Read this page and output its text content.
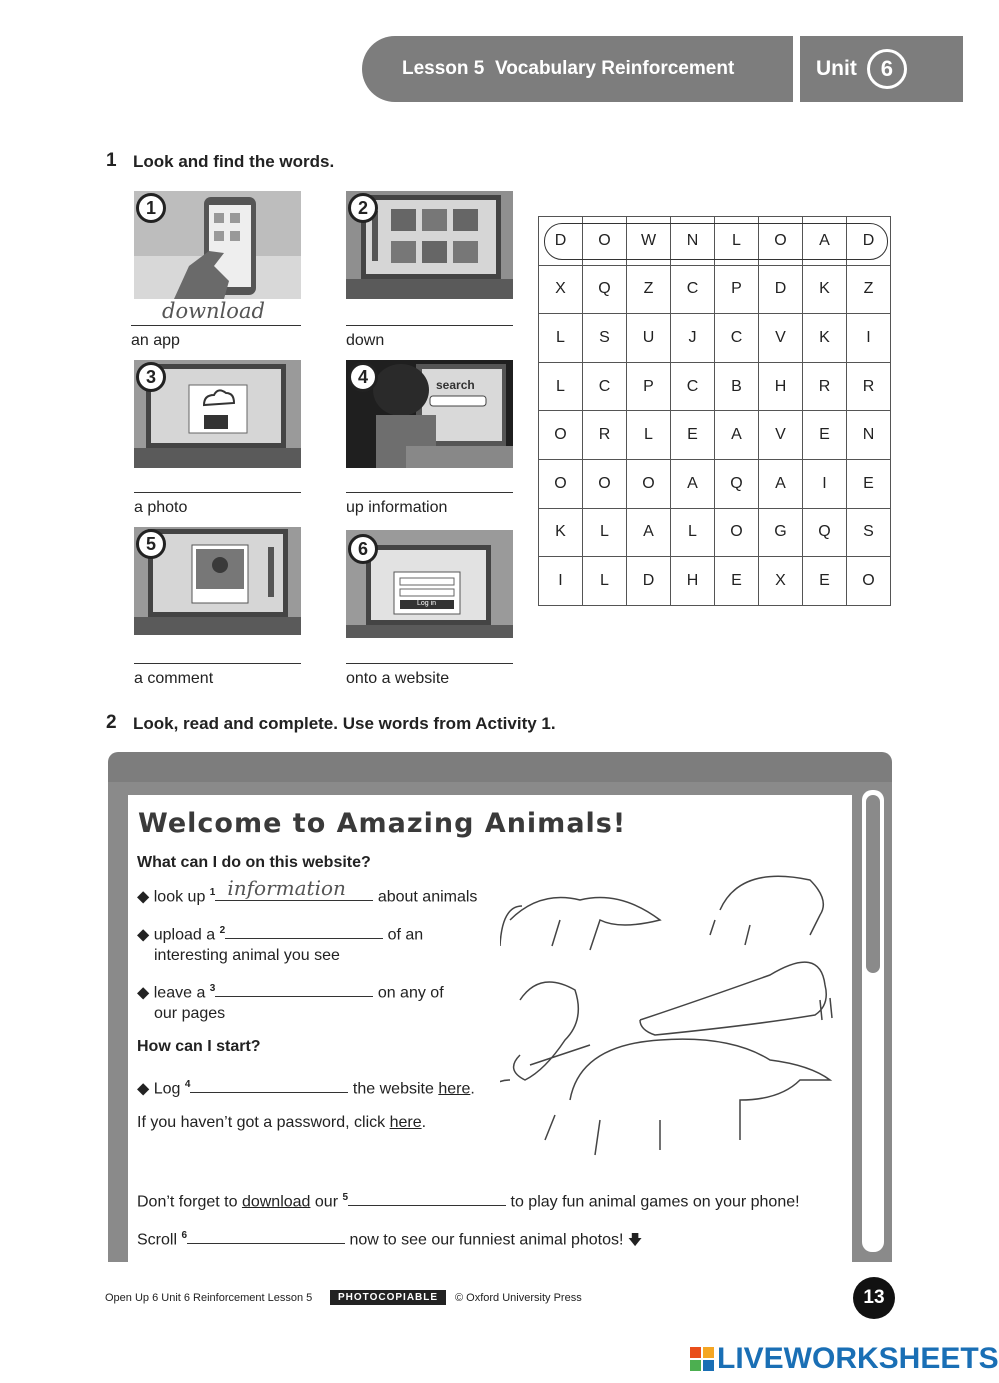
Lesson 5
Vocabulary Reinforcement	Unit	6
1 Look and find the words.
1
download
an app
2
down
3
a photo
search
4
up information
5
a comment
Log in
6
onto a website
D	O	W	N	L	O	A	D
X	Q	Z	C	P	D	K	Z
L	S	U	J	C	V	K	I
L	C	P	C	B	H	R	R
O	R	L	E	A	V	E	N
O	O	O	A	Q	A	I	E
K	L	A	L	O	G	Q	S
I	L	D	H	E	X	E	O
2 Look, read and complete. Use words from Activity 1.
Welcome to Amazing Animals!
What can I do on this website?
◆ look up $^1$ information about animals
◆ upload a $^2$	of an
interesting animal you see
◆ leave a $^3$	on any of
our pages
How can I start?
◆ Log $^4$	the website here.
If you haven’t got a password, click here.
Don’t forget to download our $^5$	to play fun animal games on your phone!
Scroll $^6$	now to see our funniest animal photos! 🡇
Open Up 6 Unit 6 Reinforcement Lesson 5	PHOTOCOPIABLE	© Oxford University Press	13
LIVEWORKSHEETS
